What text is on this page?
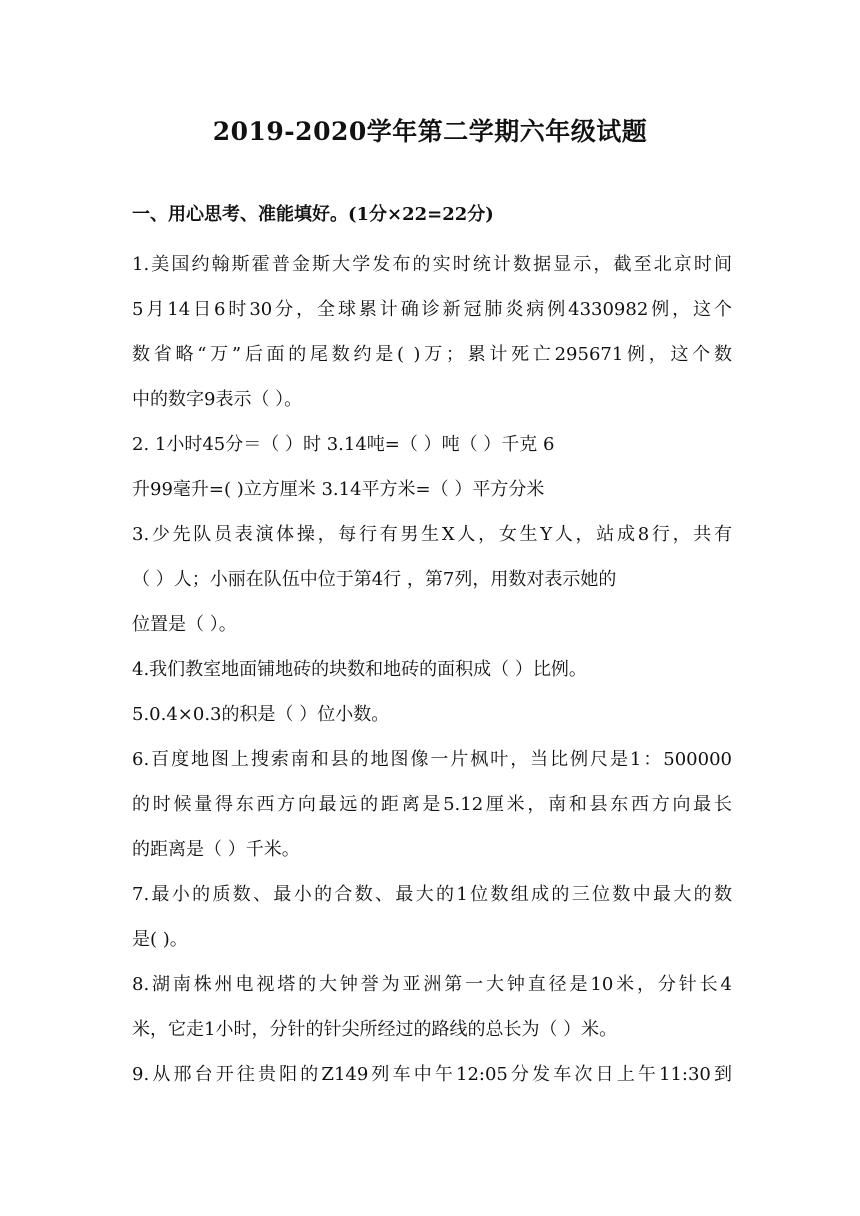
2019-2020学年第二学期六年级试题
一、用心思考、准能填好。(1分×22=22分)
1.美国约翰斯霍普金斯大学发布的实时统计数据显示，截至北京时间
5月14日6时30分，全球累计确诊新冠肺炎病例4330982例，这个
数省略“万”后面的尾数约是( )万；累计死亡295671例，这个数
中的数字9表示（ ）。
2. 1小时45分＝（ ）时 3.14吨=（ ）吨（ ）千克 6
升99毫升=( )立方厘米 3.14平方米=（ ）平方分米
3.少先队员表演体操，每行有男生X人，女生Y人，站成8行，共有
（ ）人；小丽在队伍中位于第4行 ，第7列，用数对表示她的
位置是（ ）。
4.我们教室地面铺地砖的块数和地砖的面积成（ ）比例。
5.0.4×0.3的积是（ ）位小数。
6.百度地图上搜索南和县的地图像一片枫叶，当比例尺是1：500000
的时候量得东西方向最远的距离是5.12厘米，南和县东西方向最长
的距离是（ ）千米。
7.最小的质数、最小的合数、最大的1位数组成的三位数中最大的数
是( )。
8.湖南株州电视塔的大钟誉为亚洲第一大钟直径是10米，分针长4
米，它走1小时，分针的针尖所经过的路线的总长为（ ）米。
9.从邢台开往贵阳的Z149列车中午12:05分发车次日上午11:30到
